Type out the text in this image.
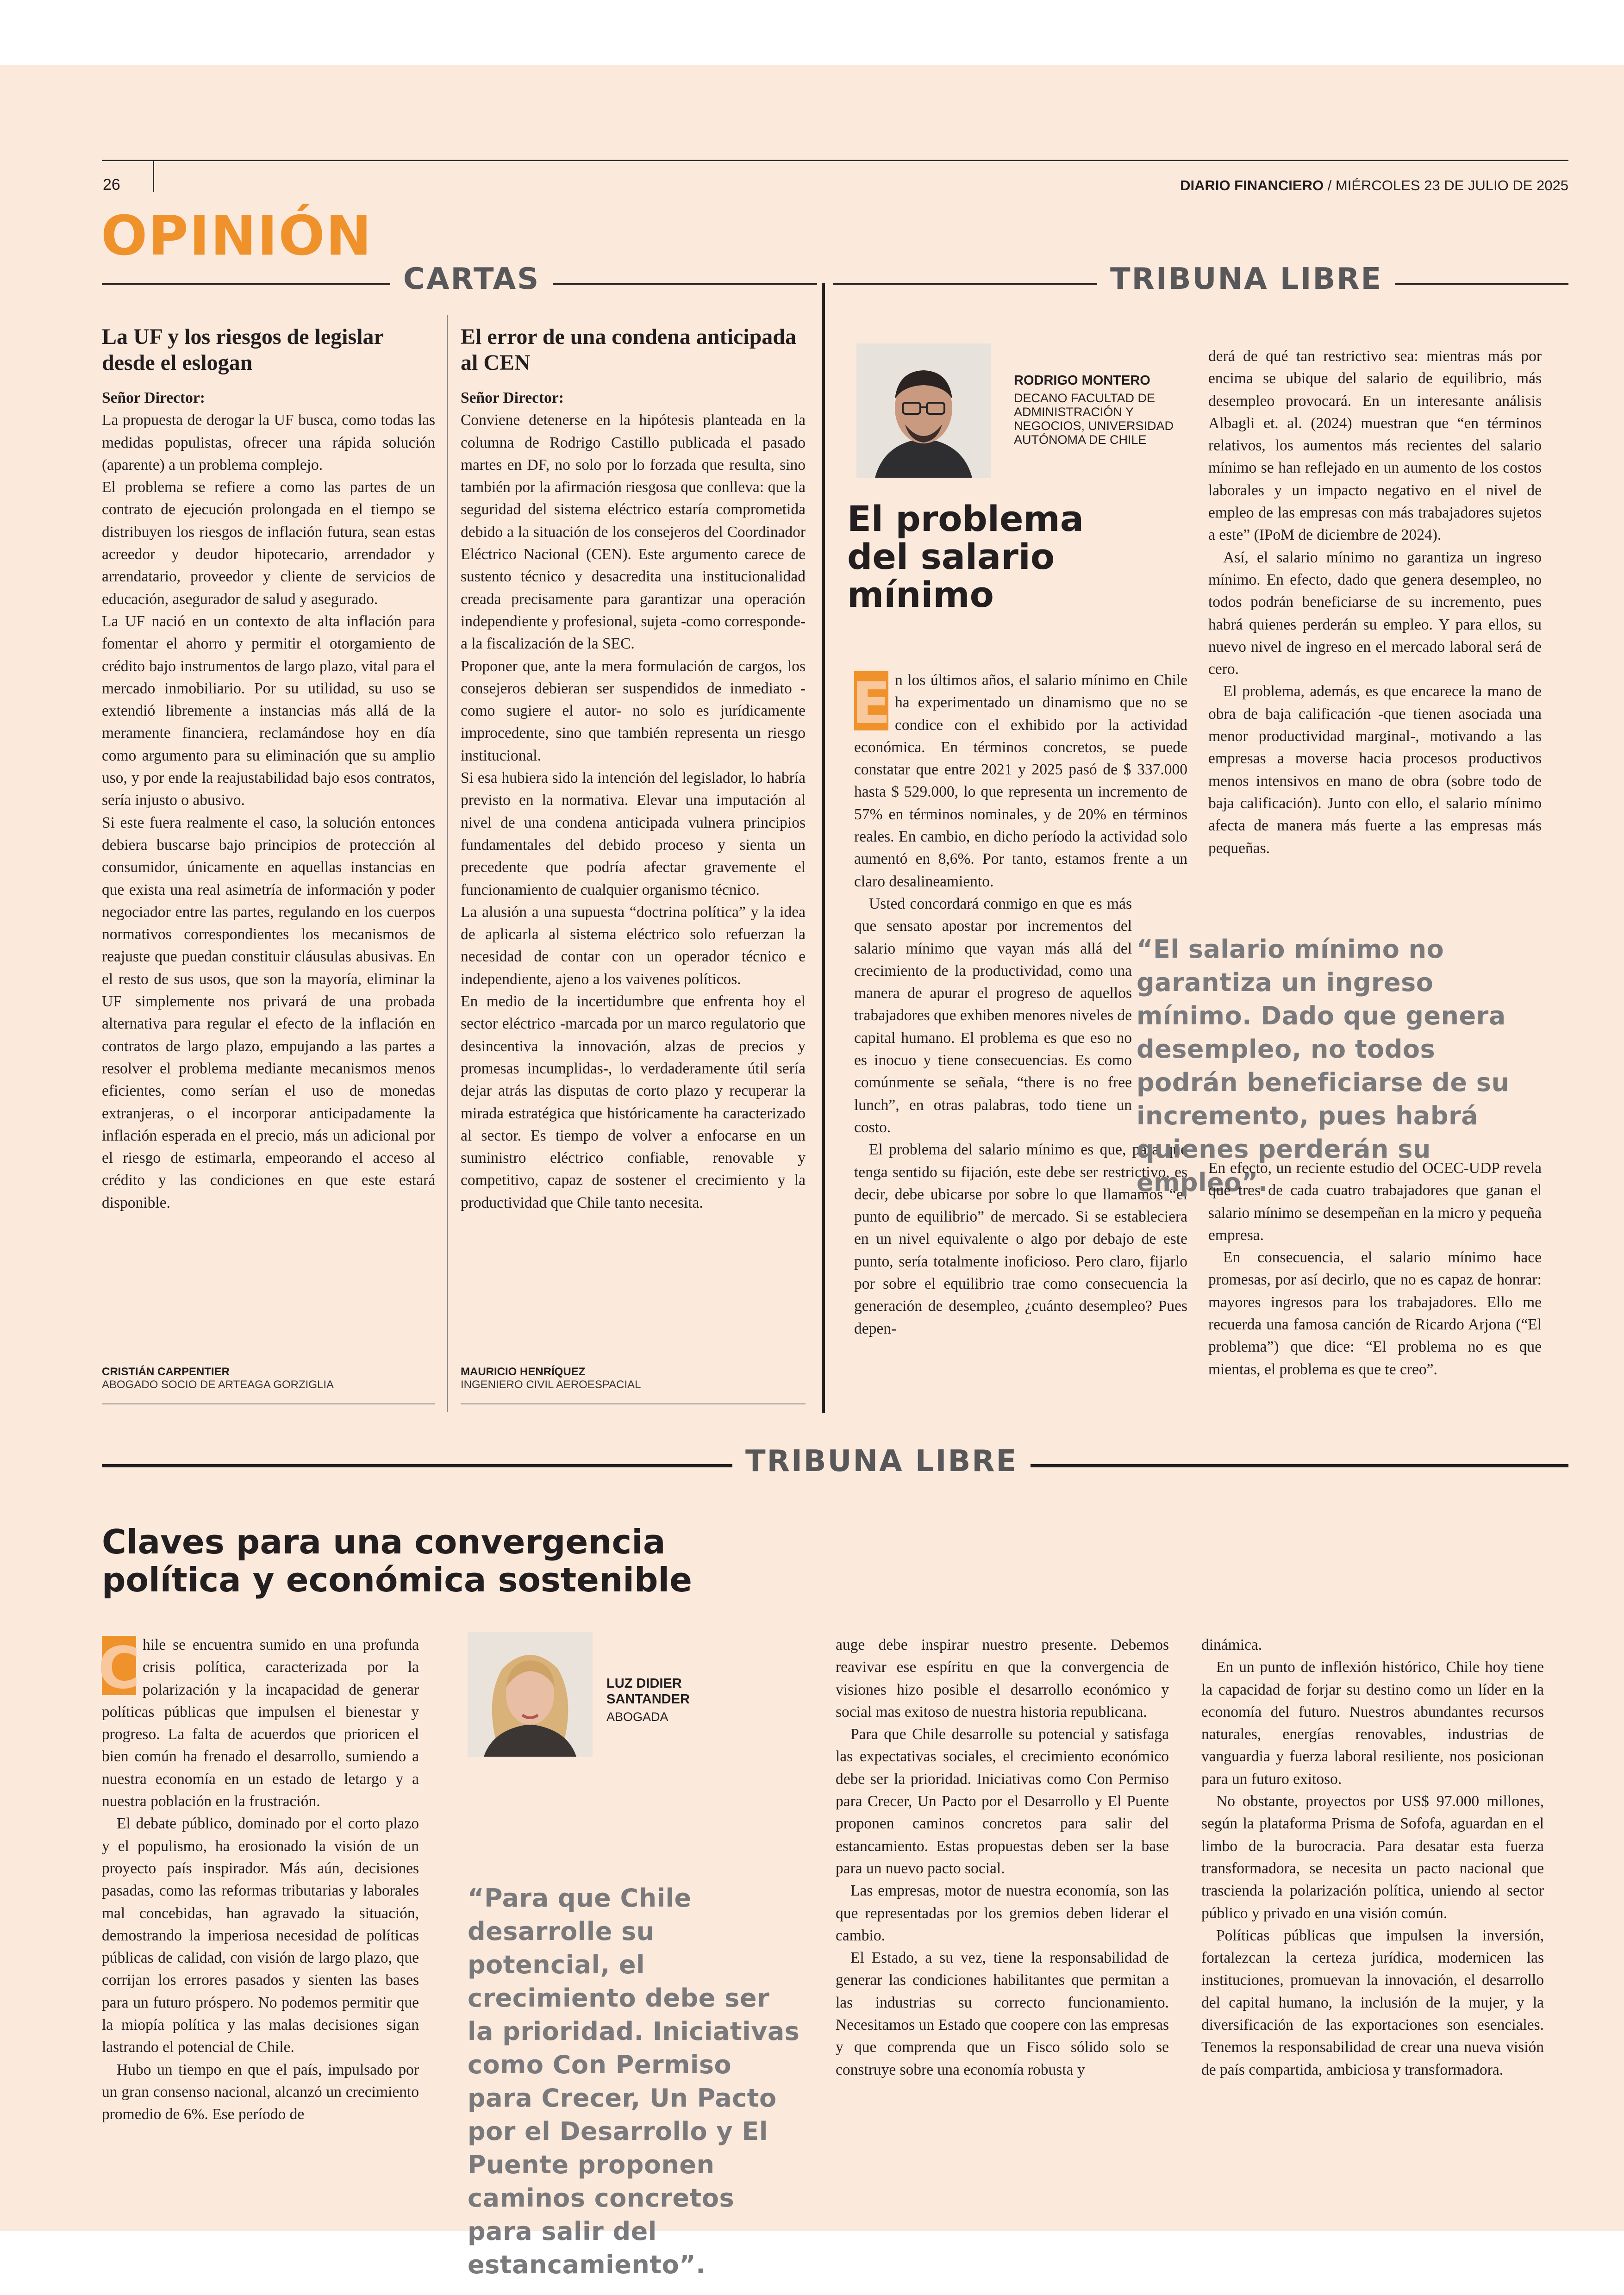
26	DIARIO FINANCIERO / MIÉRCOLES 23 DE JULIO DE 2025
OPINIÓN
CARTAS
La UF y los riesgos de legislar desde el eslogan

Señor Director:

La propuesta de derogar la UF busca, como todas las medidas populistas, ofrecer una rápida solución (aparente) a un problema complejo.

El problema se refiere a como las partes de un contrato de ejecución prolongada en el tiempo se distribuyen los riesgos de inflación futura, sean estas acreedor y deudor hipotecario, arrendador y arrendatario, proveedor y cliente de servicios de educación, asegurador de salud y asegurado.

La UF nació en un contexto de alta inflación para fomentar el ahorro y permitir el otorgamiento de crédito bajo instrumentos de largo plazo, vital para el mercado inmobiliario. Por su utilidad, su uso se extendió libremente a instancias más allá de la meramente financiera, reclamándose hoy en día como argumento para su eliminación que su amplio uso, y por ende la reajustabilidad bajo esos contratos, sería injusto o abusivo.

Si este fuera realmente el caso, la solución entonces debiera buscarse bajo principios de protección al consumidor, únicamente en aquellas instancias en que exista una real asimetría de información y poder negociador entre las partes, regulando en los cuerpos normativos correspondientes los mecanismos de reajuste que puedan constituir cláusulas abusivas. En el resto de sus usos, que son la mayoría, eliminar la UF simplemente nos privará de una probada alternativa para regular el efecto de la inflación en contratos de largo plazo, empujando a las partes a resolver el problema mediante mecanismos menos eficientes, como serían el uso de monedas extranjeras, o el incorporar anticipadamente la inflación esperada en el precio, más un adicional por el riesgo de estimarla, empeorando el acceso al crédito y las condiciones en que este estará disponible.

CRISTIÁN CARPENTIER
ABOGADO SOCIO DE ARTEAGA GORZIGLIA
El error de una condena anticipada al CEN

Señor Director:

Conviene detenerse en la hipótesis planteada en la columna de Rodrigo Castillo publicada el pasado martes en DF, no solo por lo forzada que resulta, sino también por la afirmación riesgosa que conlleva: que la seguridad del sistema eléctrico estaría comprometida debido a la situación de los consejeros del Coordinador Eléctrico Nacional (CEN). Este argumento carece de sustento técnico y desacredita una institucionalidad creada precisamente para garantizar una operación independiente y profesional, sujeta -como corresponde- a la fiscalización de la SEC.

Proponer que, ante la mera formulación de cargos, los consejeros debieran ser suspendidos de inmediato -como sugiere el autor- no solo es jurídicamente improcedente, sino que también representa un riesgo institucional.

Si esa hubiera sido la intención del legislador, lo habría previsto en la normativa. Elevar una imputación al nivel de una condena anticipada vulnera principios fundamentales del debido proceso y sienta un precedente que podría afectar gravemente el funcionamiento de cualquier organismo técnico.

La alusión a una supuesta “doctrina política” y la idea de aplicarla al sistema eléctrico solo refuerzan la necesidad de contar con un operador técnico e independiente, ajeno a los vaivenes políticos.

En medio de la incertidumbre que enfrenta hoy el sector eléctrico -marcada por un marco regulatorio que desincentiva la innovación, alzas de precios y promesas incumplidas-, lo verdaderamente útil sería dejar atrás las disputas de corto plazo y recuperar la mirada estratégica que históricamente ha caracterizado al sector. Es tiempo de volver a enfocarse en un suministro eléctrico confiable, renovable y competitivo, capaz de sostener el crecimiento y la productividad que Chile tanto necesita.

MAURICIO HENRÍQUEZ
INGENIERO CIVIL AEROESPACIAL
TRIBUNA LIBRE
RODRIGO MONTERO
DECANO FACULTAD DE ADMINISTRACIÓN Y NEGOCIOS, UNIVERSIDAD AUTÓNOMA DE CHILE
El problema del salario mínimo
E n los últimos años, el salario mínimo en Chile ha experimentado un dinamismo que no se condice con el exhibido por la actividad económica. En términos concretos, se puede constatar que entre 2021 y 2025 pasó de $ 337.000 hasta $ 529.000, lo que representa un incremento de 57% en términos nominales, y de 20% en términos reales. En cambio, en dicho período la actividad solo aumentó en 8,6%. Por tanto, estamos frente a un claro desalineamiento.

Usted concordará conmigo en que es más que sensato apostar por incrementos del salario mínimo que vayan más allá del crecimiento de la productividad, como una manera de apurar el progreso de aquellos trabajadores que exhiben menores niveles de capital humano. El problema es que eso no es inocuo y tiene consecuencias. Es como comúnmente se señala, “there is no free lunch”, en otras palabras, todo tiene un costo.

El problema del salario mínimo es que, para que tenga sentido su fijación, este debe ser restrictivo, es decir, debe ubicarse por sobre lo que llamamos “el punto de equilibrio” de mercado. Si se estableciera en un nivel equivalente o algo por debajo de este punto, sería totalmente inoficioso. Pero claro, fijarlo por sobre el equilibrio trae como consecuencia la generación de desempleo, ¿cuánto desempleo? Pues depen-

derá de qué tan restrictivo sea: mientras más por encima se ubique del salario de equilibrio, más desempleo provocará. En un interesante análisis Albagli et. al. (2024) muestran que “en términos relativos, los aumentos más recientes del salario mínimo se han reflejado en un aumento de los costos laborales y un impacto negativo en el nivel de empleo de las empresas con más trabajadores sujetos a este” (IPoM de diciembre de 2024).

Así, el salario mínimo no garantiza un ingreso mínimo. En efecto, dado que genera desempleo, no todos podrán beneficiarse de su incremento, pues habrá quienes perderán su empleo. Y para ellos, su nuevo nivel de ingreso en el mercado laboral será de cero.

El problema, además, es que encarece la mano de obra de baja calificación -que tienen asociada una menor productividad marginal-, motivando a las empresas a moverse hacia procesos productivos menos intensivos en mano de obra (sobre todo de baja calificación). Junto con ello, el salario mínimo afecta de manera más fuerte a las empresas más pequeñas.

“El salario mínimo no garantiza un ingreso mínimo. Dado que genera desempleo, no todos podrán beneficiarse de su incremento, pues habrá quienes perderán su empleo”.

En efecto, un reciente estudio del OCEC-UDP revela que tres de cada cuatro trabajadores que ganan el salario mínimo se desempeñan en la micro y pequeña empresa.

En consecuencia, el salario mínimo hace promesas, por así decirlo, que no es capaz de honrar: mayores ingresos para los trabajadores. Ello me recuerda una famosa canción de Ricardo Arjona (“El problema”) que dice: “El problema no es que mientas, el problema es que te creo”.

TRIBUNA LIBRE
Claves para una convergencia política y económica sostenible
C hile se encuentra sumido en una profunda crisis política, caracterizada por la polarización y la incapacidad de generar políticas públicas que impulsen el bienestar y progreso. La falta de acuerdos que prioricen el bien común ha frenado el desarrollo, sumiendo a nuestra economía en un estado de letargo y a nuestra población en la frustración.

El debate público, dominado por el corto plazo y el populismo, ha erosionado la visión de un proyecto país inspirador. Más aún, decisiones pasadas, como las reformas tributarias y laborales mal concebidas, han agravado la situación, demostrando la imperiosa necesidad de políticas públicas de calidad, con visión de largo plazo, que corrijan los errores pasados y sienten las bases para un futuro próspero. No podemos permitir que la miopía política y las malas decisiones sigan lastrando el potencial de Chile.

Hubo un tiempo en que el país, impulsado por un gran consenso nacional, alcanzó un crecimiento promedio de 6%. Ese período de

LUZ DIDIER SANTANDER
ABOGADA
“Para que Chile desarrolle su potencial, el crecimiento debe ser la prioridad. Iniciativas como Con Permiso para Crecer, Un Pacto por el Desarrollo y El Puente proponen caminos concretos para salir del estancamiento”.

auge debe inspirar nuestro presente. Debemos reavivar ese espíritu en que la convergencia de visiones hizo posible el desarrollo económico y social mas exitoso de nuestra historia republicana.

Para que Chile desarrolle su potencial y satisfaga las expectativas sociales, el crecimiento económico debe ser la prioridad. Iniciativas como Con Permiso para Crecer, Un Pacto por el Desarrollo y El Puente proponen caminos concretos para salir del estancamiento. Estas propuestas deben ser la base para un nuevo pacto social.

Las empresas, motor de nuestra economía, son las que representadas por los gremios deben liderar el cambio.

El Estado, a su vez, tiene la responsabilidad de generar las condiciones habilitantes que permitan a las industrias su correcto funcionamiento. Necesitamos un Estado que coopere con las empresas y que comprenda que un Fisco sólido solo se construye sobre una economía robusta y

dinámica.

En un punto de inflexión histórico, Chile hoy tiene la capacidad de forjar su destino como un líder en la economía del futuro. Nuestros abundantes recursos naturales, energías renovables, industrias de vanguardia y fuerza laboral resiliente, nos posicionan para un futuro exitoso.

No obstante, proyectos por US$ 97.000 millones, según la plataforma Prisma de Sofofa, aguardan en el limbo de la burocracia. Para desatar esta fuerza transformadora, se necesita un pacto nacional que trascienda la polarización política, uniendo al sector público y privado en una visión común.

Políticas públicas que impulsen la inversión, fortalezcan la certeza jurídica, modernicen las instituciones, promuevan la innovación, el desarrollo del capital humano, la inclusión de la mujer, y la diversificación de las exportaciones son esenciales. Tenemos la responsabilidad de crear una nueva visión de país compartida, ambiciosa y transformadora.
